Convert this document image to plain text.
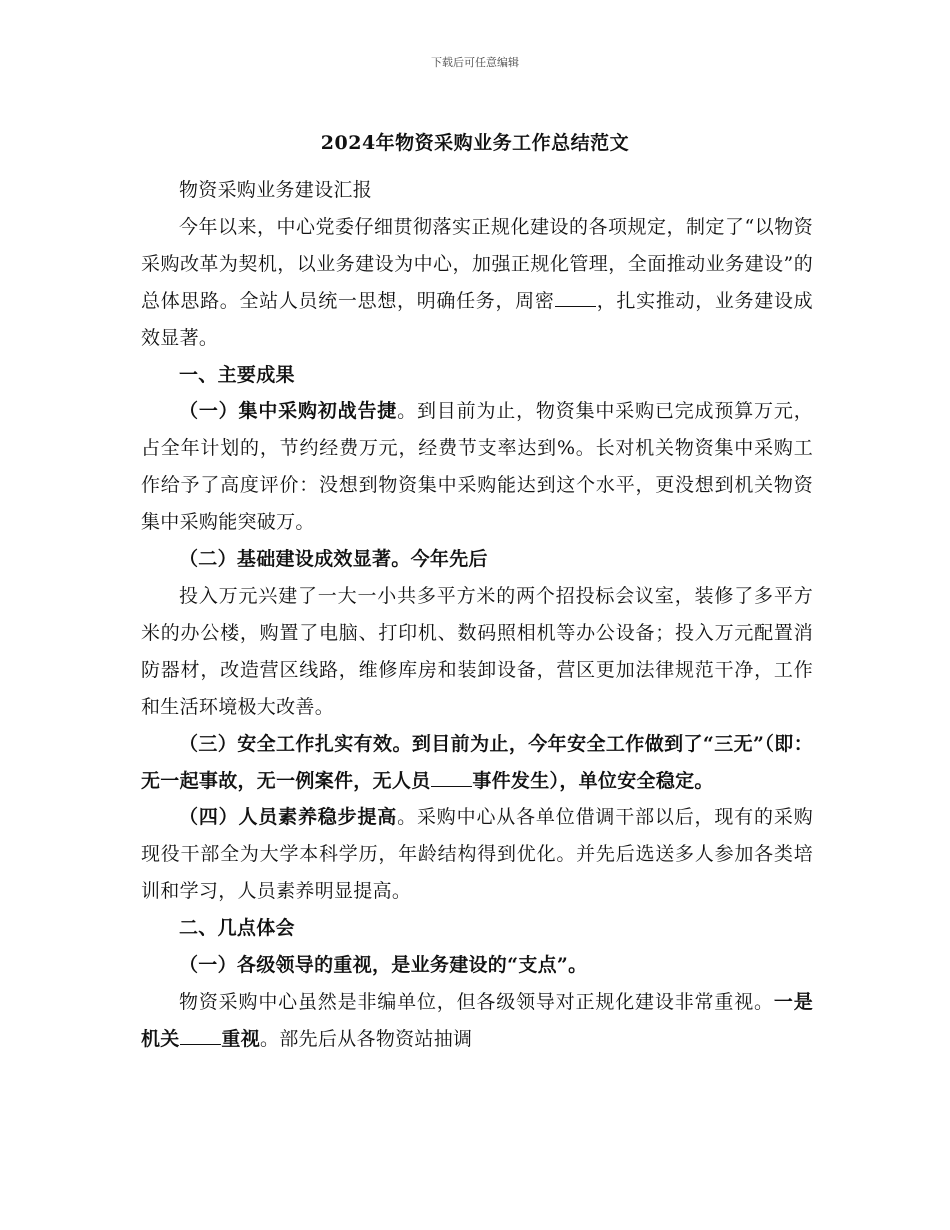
下载后可任意编辑
2024年物资采购业务工作总结范文

物资采购业务建设汇报

今年以来，中心党委仔细贯彻落实正规化建设的各项规定，制定了“以物资采购改革为契机，以业务建设为中心，加强正规化管理，全面推动业务建设”的总体思路。全站人员统一思想，明确任务，周密 ，扎实推动，业务建设成效显著。

一、主要成果

（一）集中采购初战告捷。到目前为止，物资集中采购已完成预算万元，占全年计划的，节约经费万元，经费节支率达到%。长对机关物资集中采购工作给予了高度评价：没想到物资集中采购能达到这个水平，更没想到机关物资集中采购能突破万。

（二）基础建设成效显著。今年先后

投入万元兴建了一大一小共多平方米的两个招投标会议室，装修了多平方米的办公楼，购置了电脑、打印机、数码照相机等办公设备；投入万元配置消防器材，改造营区线路，维修库房和装卸设备，营区更加法律规范干净，工作和生活环境极大改善。

（三）安全工作扎实有效。到目前为止，今年安全工作做到了“三无”（即：无一起事故，无一例案件，无人员 事件发生），单位安全稳定。

（四）人员素养稳步提高。采购中心从各单位借调干部以后，现有的采购现役干部全为大学本科学历，年龄结构得到优化。并先后选送多人参加各类培训和学习，人员素养明显提高。

二、几点体会

（一）各级领导的重视，是业务建设的“支点”。

物资采购中心虽然是非编单位，但各级领导对正规化建设非常重视。一是机关 重视。部先后从各物资站抽调
